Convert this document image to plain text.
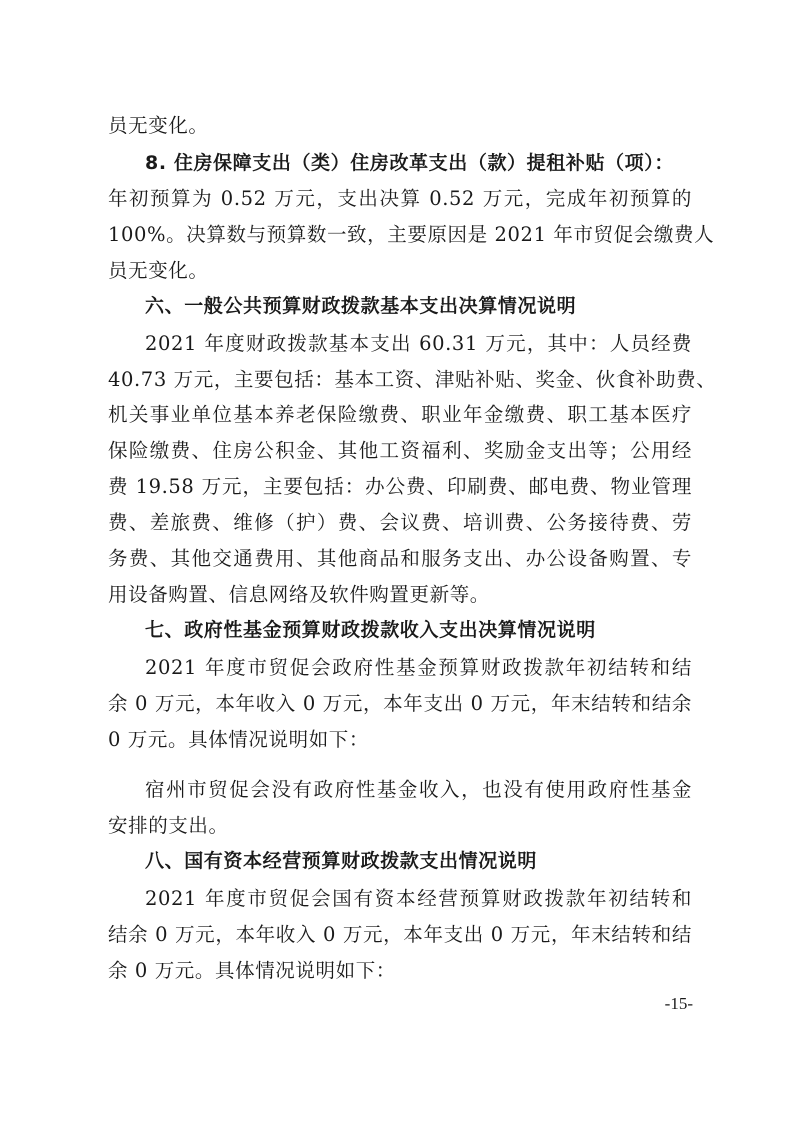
员无变化。
8. 住房保障支出（类）住房改革支出（款）提租补贴（项）：
年初预算为 0.52 万元，支出决算 0.52 万元，完成年初预算的
100%。决算数与预算数一致，主要原因是 2021 年市贸促会缴费人
员无变化。
六、一般公共预算财政拨款基本支出决算情况说明
2021 年度财政拨款基本支出 60.31 万元，其中：人员经费
40.73 万元，主要包括：基本工资、津贴补贴、奖金、伙食补助费、
机关事业单位基本养老保险缴费、职业年金缴费、职工基本医疗
保险缴费、住房公积金、其他工资福利、奖励金支出等；公用经
费 19.58 万元，主要包括：办公费、印刷费、邮电费、物业管理
费、差旅费、维修（护）费、会议费、培训费、公务接待费、劳
务费、其他交通费用、其他商品和服务支出、办公设备购置、专
用设备购置、信息网络及软件购置更新等。
七、政府性基金预算财政拨款收入支出决算情况说明
2021 年度市贸促会政府性基金预算财政拨款年初结转和结
余 0 万元，本年收入 0 万元，本年支出 0 万元，年末结转和结余
0 万元。具体情况说明如下：
宿州市贸促会没有政府性基金收入，也没有使用政府性基金
安排的支出。
八、国有资本经营预算财政拨款支出情况说明
2021 年度市贸促会国有资本经营预算财政拨款年初结转和
结余 0 万元，本年收入 0 万元，本年支出 0 万元，年末结转和结
余 0 万元。具体情况说明如下：
-15-
